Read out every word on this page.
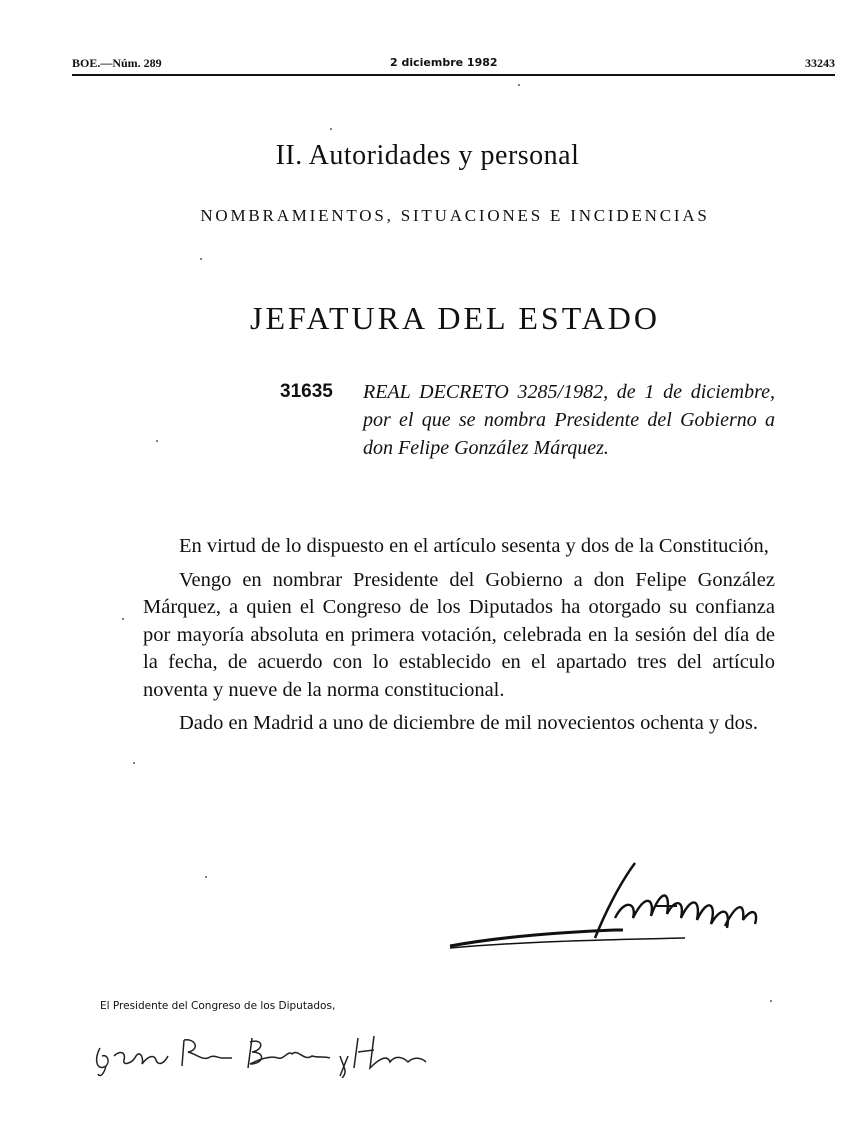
BOE.—Núm. 289	2 diciembre 1982	33243
II. Autoridades y personal
NOMBRAMIENTOS, SITUACIONES E INCIDENCIAS
JEFATURA DEL ESTADO
31635 REAL DECRETO 3285/1982, de 1 de diciembre, por el que se nombra Presidente del Gobierno a don Felipe González Márquez.

En virtud de lo dispuesto en el artículo sesenta y dos de la Constitución,

Vengo en nombrar Presidente del Gobierno a don Felipe González Márquez, a quien el Congreso de los Diputados ha otorgado su confianza por mayoría absoluta en primera votación, celebrada en la sesión del día de la fecha, de acuerdo con lo establecido en el apartado tres del artículo noventa y nueve de la norma constitucional.

Dado en Madrid a uno de diciembre de mil novecientos ochenta y dos.

El Presidente del Congreso de los Diputados,
